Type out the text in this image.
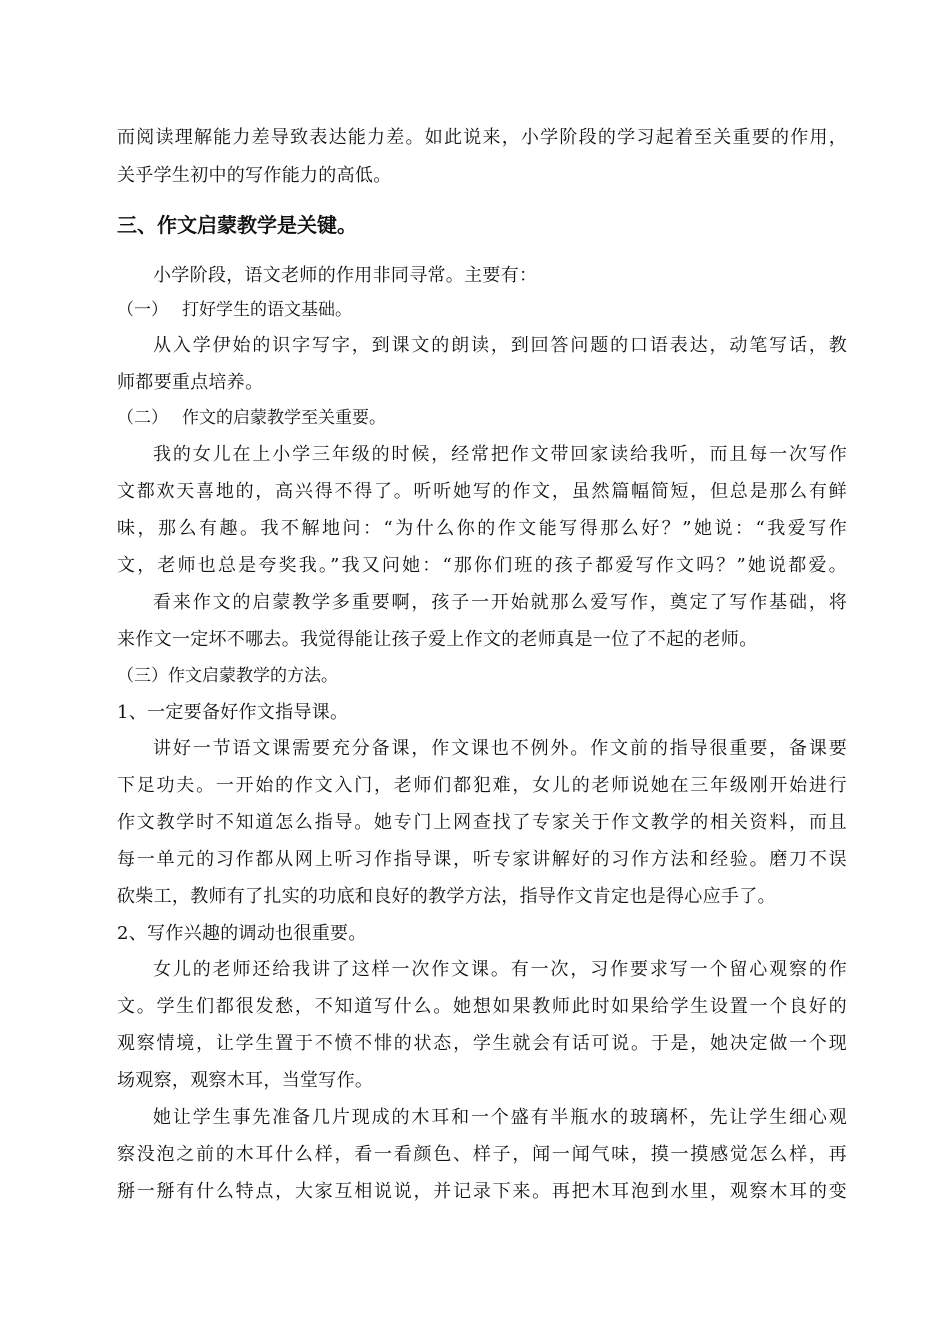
而阅读理解能力差导致表达能力差。如此说来，小学阶段的学习起着至关重要的作用，
关乎学生初中的写作能力的高低。
三、作文启蒙教学是关键。
小学阶段，语文老师的作用非同寻常。主要有：
（一） 打好学生的语文基础。
从入学伊始的识字写字，到课文的朗读，到回答问题的口语表达，动笔写话，教
师都要重点培养。
（二） 作文的启蒙教学至关重要。
我的女儿在上小学三年级的时候，经常把作文带回家读给我听，而且每一次写作
文都欢天喜地的，高兴得不得了。听听她写的作文，虽然篇幅简短，但总是那么有鲜
味，那么有趣。我不解地问：“为什么你的作文能写得那么好？”她说：“我爱写作
文，老师也总是夸奖我。”我又问她：“那你们班的孩子都爱写作文吗？”她说都爱。
看来作文的启蒙教学多重要啊，孩子一开始就那么爱写作，奠定了写作基础，将
来作文一定坏不哪去。我觉得能让孩子爱上作文的老师真是一位了不起的老师。
（三）作文启蒙教学的方法。
1、一定要备好作文指导课。
讲好一节语文课需要充分备课，作文课也不例外。作文前的指导很重要，备课要
下足功夫。一开始的作文入门，老师们都犯难，女儿的老师说她在三年级刚开始进行
作文教学时不知道怎么指导。她专门上网查找了专家关于作文教学的相关资料，而且
每一单元的习作都从网上听习作指导课，听专家讲解好的习作方法和经验。磨刀不误
砍柴工，教师有了扎实的功底和良好的教学方法，指导作文肯定也是得心应手了。
2、写作兴趣的调动也很重要。
女儿的老师还给我讲了这样一次作文课。有一次，习作要求写一个留心观察的作
文。学生们都很发愁，不知道写什么。她想如果教师此时如果给学生设置一个良好的
观察情境，让学生置于不愤不悱的状态，学生就会有话可说。于是，她决定做一个现
场观察，观察木耳，当堂写作。
她让学生事先准备几片现成的木耳和一个盛有半瓶水的玻璃杯，先让学生细心观
察没泡之前的木耳什么样，看一看颜色、样子，闻一闻气味，摸一摸感觉怎么样，再
掰一掰有什么特点，大家互相说说，并记录下来。再把木耳泡到水里，观察木耳的变
